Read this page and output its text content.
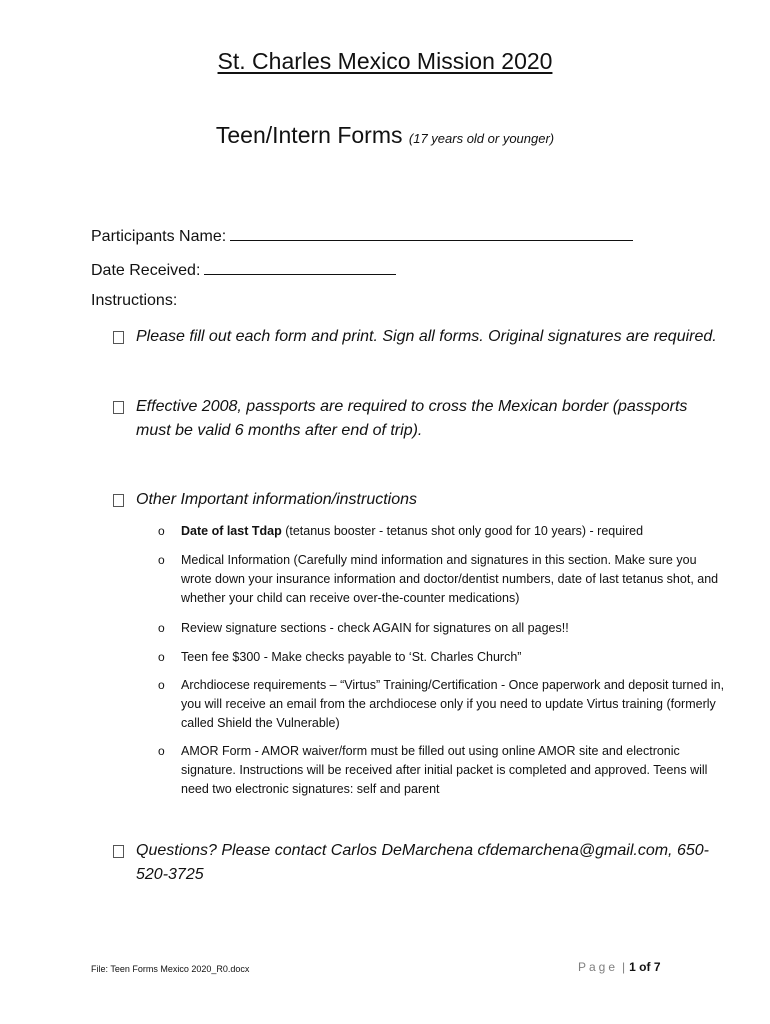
St. Charles Mexico Mission 2020
Teen/Intern Forms (17 years old or younger)
Participants Name:
Date Received:
Instructions:
Please fill out each form and print. Sign all forms. Original signatures are required.
Effective 2008, passports are required to cross the Mexican border (passports must be valid 6 months after end of trip).
Other Important information/instructions
o Date of last Tdap (tetanus booster - tetanus shot only good for 10 years) - required
o Medical Information (Carefully mind information and signatures in this section. Make sure you wrote down your insurance information and doctor/dentist numbers, date of last tetanus shot, and whether your child can receive over-the-counter medications)
o Review signature sections - check AGAIN for signatures on all pages!!
o Teen fee $300 - Make checks payable to ‘St. Charles Church”
o Archdiocese requirements – “Virtus” Training/Certification - Once paperwork and deposit turned in, you will receive an email from the archdiocese only if you need to update Virtus training (formerly called Shield the Vulnerable)
o AMOR Form - AMOR waiver/form must be filled out using online AMOR site and electronic signature. Instructions will be received after initial packet is completed and approved. Teens will need two electronic signatures: self and parent
Questions? Please contact Carlos DeMarchena cfdemarchena@gmail.com, 650-520-3725
File: Teen Forms Mexico 2020_R0.docx	Page | 1 of 7
